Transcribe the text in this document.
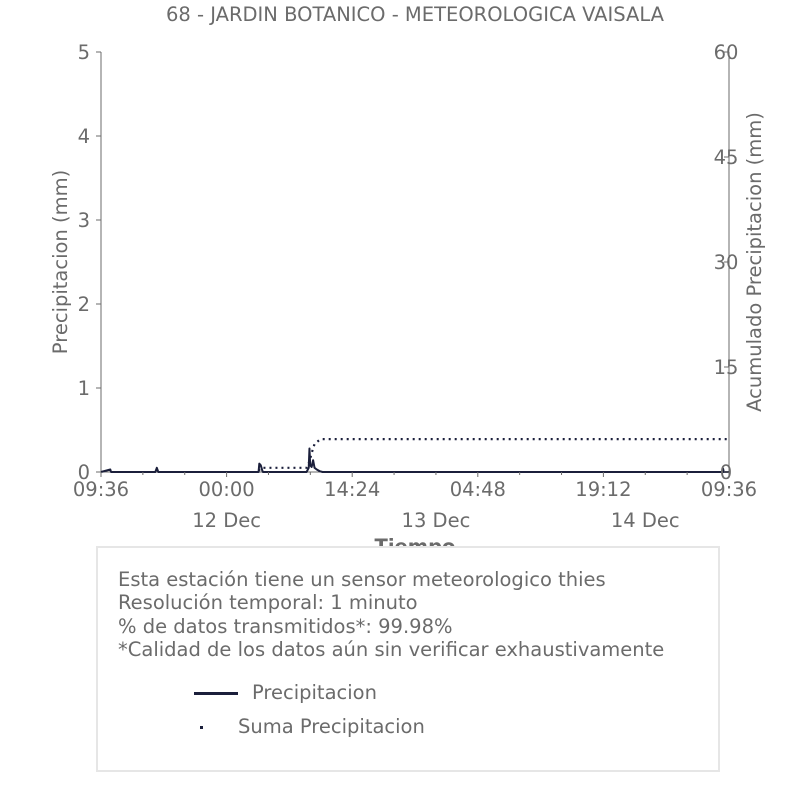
68 - JARDIN BOTANICO - METEOROLOGICA VAISALA
0
1
2
3
4
5
0
15
30
45
60
09:36	00:00	14:24	04:48	19:12	09:36
12 Dec	13 Dec	14 Dec
Precipitacion (mm)	Acumulado Precipitacion (mm)
Esta estación tiene un sensor meteorologico thies
Resolución temporal: 1 minuto
% de datos transmitidos*: 99.98%
*Calidad de los datos aún sin verificar exhaustivamente
Precipitacion
Suma Precipitacion
